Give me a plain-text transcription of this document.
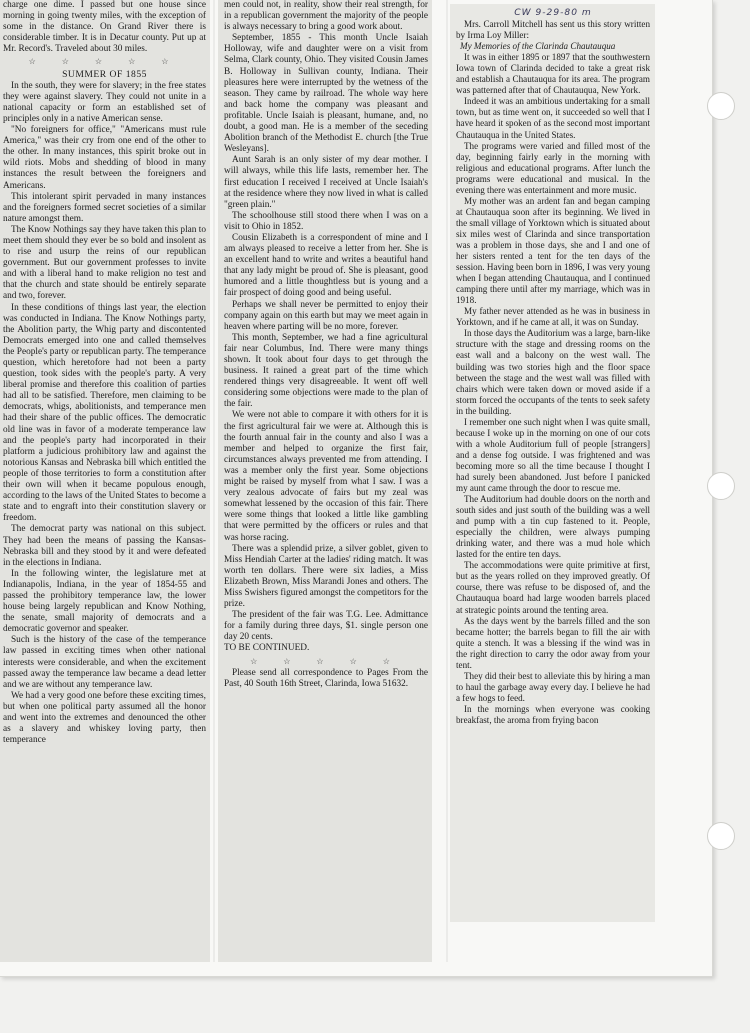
charge one dime. I passed but one house since morning in going twenty miles, with the exception of some in the distance. On Grand River there is considerable timber. It is in Decatur county. Put up at Mr. Record's. Traveled about 30 miles.

☆ ☆ ☆ ☆ ☆

SUMMER OF 1855

In the south, they were for slavery; in the free states they were against slavery. They could not unite in a national capacity or form an established set of principles only in a native American sense.

"No foreigners for office," "Americans must rule America," was their cry from one end of the other to the other. In many instances, this spirit broke out in wild riots. Mobs and shedding of blood in many instances the result between the foreigners and Americans.

This intolerant spirit pervaded in many instances and the foreigners formed secret societies of a similar nature amongst them.

The Know Nothings say they have taken this plan to meet them should they ever be so bold and insolent as to rise and usurp the reins of our republican government. But our government professes to invite and with a liberal hand to make religion no test and that the church and state should be entirely separate and two, forever.

In these conditions of things last year, the election was conducted in Indiana. The Know Nothings party, the Abolition party, the Whig party and discontented Democrats emerged into one and called themselves the People's party or republican party. The temperance question, which heretofore had not been a party question, took sides with the people's party. A very liberal promise and therefore this coalition of parties had all to be satisfied. Therefore, men claiming to be democrats, whigs, abolitionists, and temperance men had their share of the public offices. The democratic old line was in favor of a moderate temperance law and the people's party had incorporated in their platform a judicious prohibitory law and against the notorious Kansas and Nebraska bill which entitled the people of those territories to form a constitution after their own will when it became populous enough, according to the laws of the United States to become a state and to engraft into their constitution slavery or freedom.

The democrat party was national on this subject. They had been the means of passing the Kansas-Nebraska bill and they stood by it and were defeated in the elections in Indiana.

In the following winter, the legislature met at Indianapolis, Indiana, in the year of 1854-55 and passed the prohibitory temperance law, the lower house being largely republican and Know Nothing, the senate, small majority of democrats and a democratic governor and speaker.

Such is the history of the case of the temperance law passed in exciting times when other national interests were considerable, and when the excitement passed away the temperance law became a dead letter and we are without any temperance law.

We had a very good one before these exciting times, but when one political party assumed all the honor and went into the extremes and denounced the other as a slavery and whiskey loving party, then temperance

men could not, in reality, show their real strength, for in a republican government the majority of the people is always necessary to bring a good work about.

September, 1855 - This month Uncle Isaiah Holloway, wife and daughter were on a visit from Selma, Clark county, Ohio. They visited Cousin James B. Holloway in Sullivan county, Indiana. Their pleasures here were interrupted by the wetness of the season. They came by railroad. The whole way here and back home the company was pleasant and profitable. Uncle Isaiah is pleasant, humane, and, no doubt, a good man. He is a member of the seceding Abolition branch of the Methodist E. church [the True Wesleyans].

Aunt Sarah is an only sister of my dear mother. I will always, while this life lasts, remember her. The first education I received I received at Uncle Isaiah's at the residence where they now lived in what is called "green plain."

The schoolhouse still stood there when I was on a visit to Ohio in 1852.

Cousin Elizabeth is a correspondent of mine and I am always pleased to receive a letter from her. She is an excellent hand to write and writes a beautiful hand that any lady might be proud of. She is pleasant, good humored and a little thoughtless but is young and a fair prospect of doing good and being useful.

Perhaps we shall never be permitted to enjoy their company again on this earth but may we meet again in heaven where parting will be no more, forever.

This month, September, we had a fine agricultural fair near Columbus, Ind. There were many things shown. It took about four days to get through the business. It rained a great part of the time which rendered things very disagreeable. It went off well considering some objections were made to the plan of the fair.

We were not able to compare it with others for it is the first agricultural fair we were at. Although this is the fourth annual fair in the county and also I was a member and helped to organize the first fair, circumstances always prevented me from attending. I was a member only the first year. Some objections might be raised by myself from what I saw. I was a very zealous advocate of fairs but my zeal was somewhat lessened by the occasion of this fair. There were some things that looked a little like gambling that were permitted by the officers or rules and that was horse racing.

There was a splendid prize, a silver goblet, given to Miss Hendiah Carter at the ladies' riding match. It was worth ten dollars. There were six ladies, a Miss Elizabeth Brown, Miss Marandi Jones and others. The Miss Swishers figured amongst the competitors for the prize.

The president of the fair was T.G. Lee. Admittance for a family during three days, $1. single person one day 20 cents.

TO BE CONTINUED.

☆ ☆ ☆ ☆ ☆

Please send all correspondence to Pages From the Past, 40 South 16th Street, Clarinda, Iowa 51632.

CW 9-29-80 m

Mrs. Carroll Mitchell has sent us this story written by Irma Loy Miller:

My Memories of the Clarinda Chautauqua

It was in either 1895 or 1897 that the southwestern Iowa town of Clarinda decided to take a great risk and establish a Chautauqua for its area. The program was patterned after that of Chautauqua, New York.

Indeed it was an ambitious undertaking for a small town, but as time went on, it succeeded so well that I have heard it spoken of as the second most important Chautauqua in the United States.

The programs were varied and filled most of the day, beginning fairly early in the morning with religious and educational programs. After lunch the programs were educational and musical. In the evening there was entertainment and more music.

My mother was an ardent fan and began camping at Chautauqua soon after its beginning. We lived in the small village of Yorktown which is situated about six miles west of Clarinda and since transportation was a problem in those days, she and I and one of her sisters rented a tent for the ten days of the session. Having been born in 1896, I was very young when I began attending Chautauqua, and I continued camping there until after my marriage, which was in 1918.

My father never attended as he was in business in Yorktown, and if he came at all, it was on Sunday.

In those days the Auditorium was a large, barn-like structure with the stage and dressing rooms on the east wall and a balcony on the west wall. The building was two stories high and the floor space between the stage and the west wall was filled with chairs which were taken down or moved aside if a storm forced the occupants of the tents to seek safety in the building.

I remember one such night when I was quite small, because I woke up in the morning on one of our cots with a whole Auditorium full of people [strangers] and a dense fog outside. I was frightened and was becoming more so all the time because I thought I had surely been abandoned. Just before I panicked my aunt came through the door to rescue me.

The Auditorium had double doors on the north and south sides and just south of the building was a well and pump with a tin cup fastened to it. People, especially the children, were always pumping drinking water, and there was a mud hole which lasted for the entire ten days.

The accommodations were quite primitive at first, but as the years rolled on they improved greatly. Of course, there was refuse to be disposed of, and the Chautauqua board had large wooden barrels placed at strategic points around the tenting area.

As the days went by the barrels filled and the son became hotter; the barrels began to fill the air with quite a stench. It was a blessing if the wind was in the right direction to carry the odor away from your tent.

They did their best to alleviate this by hiring a man to haul the garbage away every day. I believe he had a few hogs to feed.

In the mornings when everyone was cooking breakfast, the aroma from frying bacon
